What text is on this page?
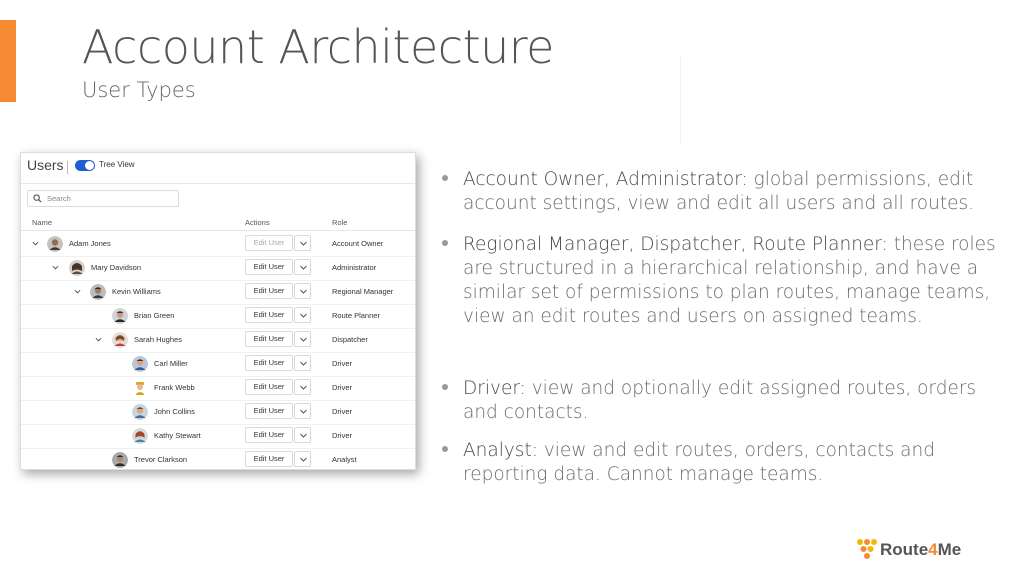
Account Architecture
User Types
Users	Tree View
Search
Name	Actions	Role
Adam Jones	Edit User	Account Owner
Mary Davidson	Edit User	Administrator
Kevin Williams	Edit User	Regional Manager
Brian Green	Edit User	Route Planner
Sarah Hughes	Edit User	Dispatcher
Carl Miller	Edit User	Driver
Frank Webb	Edit User	Driver
John Collins	Edit User	Driver
Kathy Stewart	Edit User	Driver
Trevor Clarkson	Edit User	Analyst
Account Owner, Administrator: global permissions, edit account settings, view and edit all users and all routes.
Regional Manager, Dispatcher, Route Planner: these roles are structured in a hierarchical relationship, and have a similar set of permissions to plan routes, manage teams, view an edit routes and users on assigned teams.
Driver: view and optionally edit assigned routes, orders and contacts.
Analyst: view and edit routes, orders, contacts and reporting data. Cannot manage teams.
Route4Me
